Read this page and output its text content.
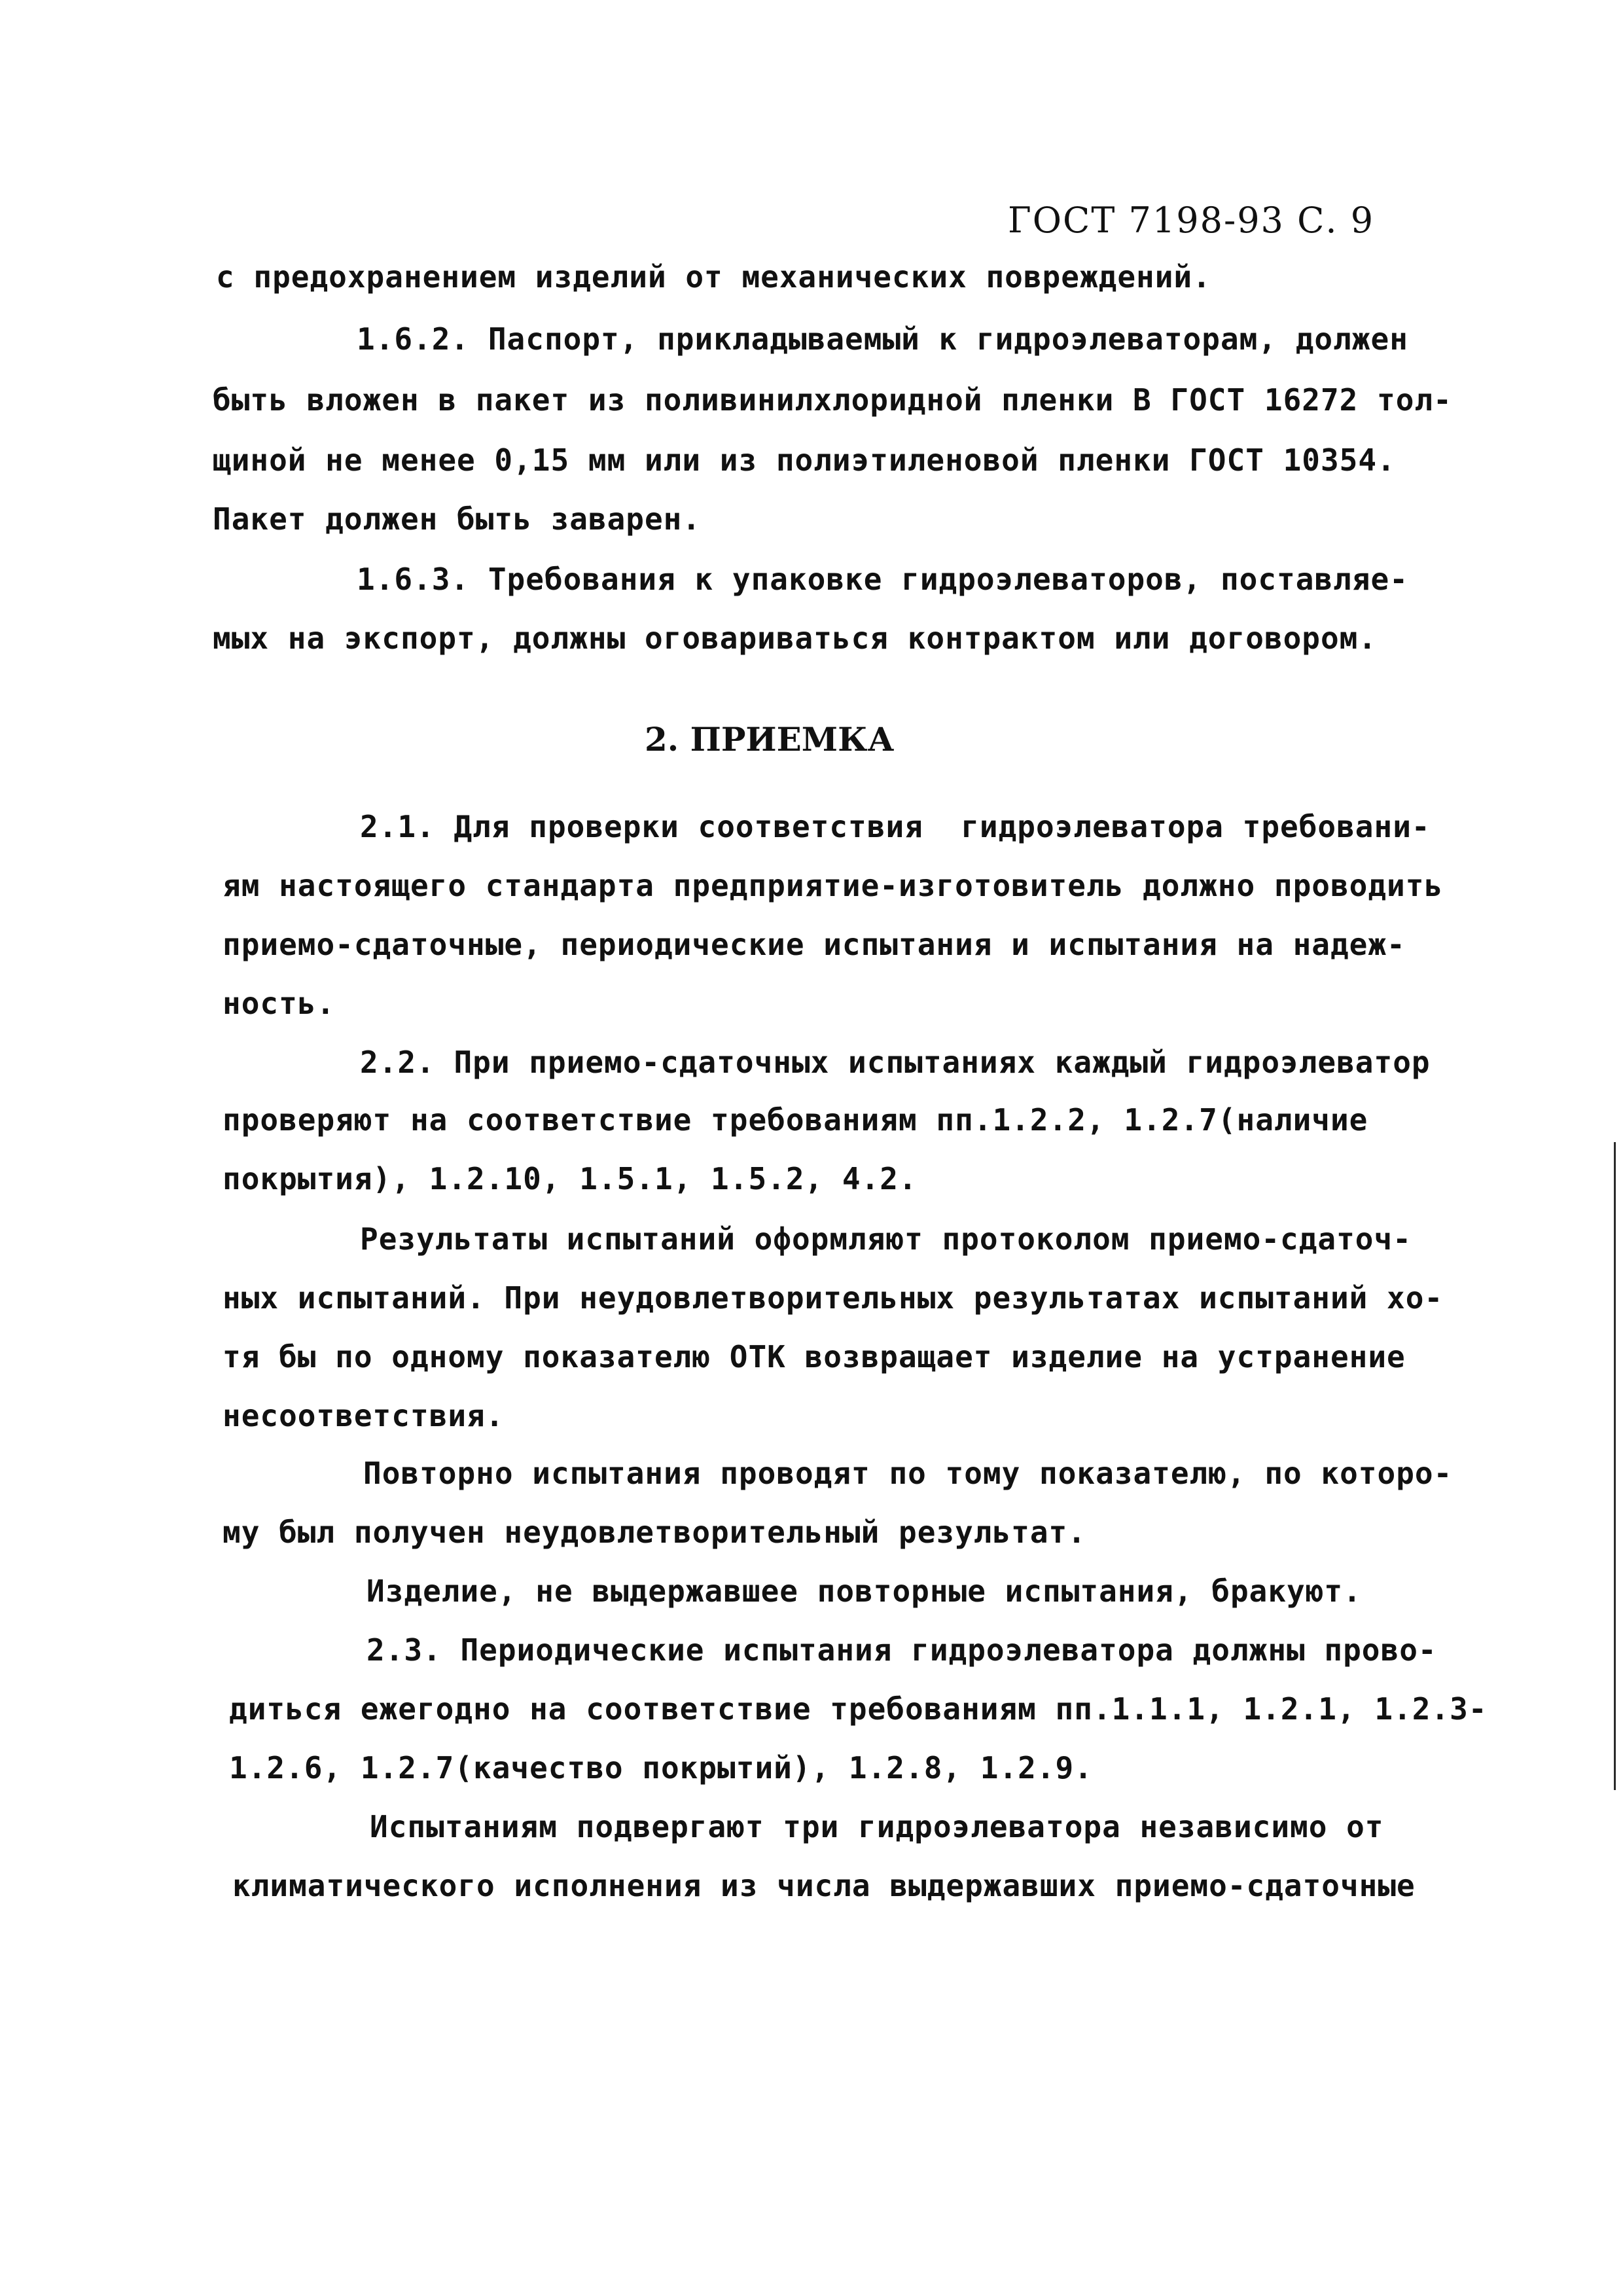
ГОСТ 7198-93 С. 9
с предохранением изделий от механических повреждений.
1.6.2. Паспорт, прикладываемый к гидроэлеваторам, должен
быть вложен в пакет из поливинилхлоридной пленки В ГОСТ 16272 тол-
щиной не менее 0,15 мм или из полиэтиленовой пленки ГОСТ 10354.
Пакет должен быть заварен.
1.6.3. Требования к упаковке гидроэлеваторов, поставляе-
мых на экспорт, должны оговариваться контрактом или договором.
2. ПРИЕМКА
2.1. Для проверки соответствия  гидроэлеватора требовани-
ям настоящего стандарта предприятие-изготовитель должно проводить
приемо-сдаточные, периодические испытания и испытания на надеж-
ность.
2.2. При приемо-сдаточных испытаниях каждый гидроэлеватор
проверяют на соответствие требованиям пп.1.2.2, 1.2.7(наличие
покрытия), 1.2.10, 1.5.1, 1.5.2, 4.2.
Результаты испытаний оформляют протоколом приемо-сдаточ-
ных испытаний. При неудовлетворительных результатах испытаний хо-
тя бы по одному показателю ОТК возвращает изделие на устранение
несоответствия.
Повторно испытания проводят по тому показателю, по которо-
му был получен неудовлетворительный результат.
Изделие, не выдержавшее повторные испытания, бракуют.
2.3. Периодические испытания гидроэлеватора должны прово-
диться ежегодно на соответствие требованиям пп.1.1.1, 1.2.1, 1.2.3-
1.2.6, 1.2.7(качество покрытий), 1.2.8, 1.2.9.
Испытаниям подвергают три гидроэлеватора независимо от
климатического исполнения из числа выдержавших приемо-сдаточные
